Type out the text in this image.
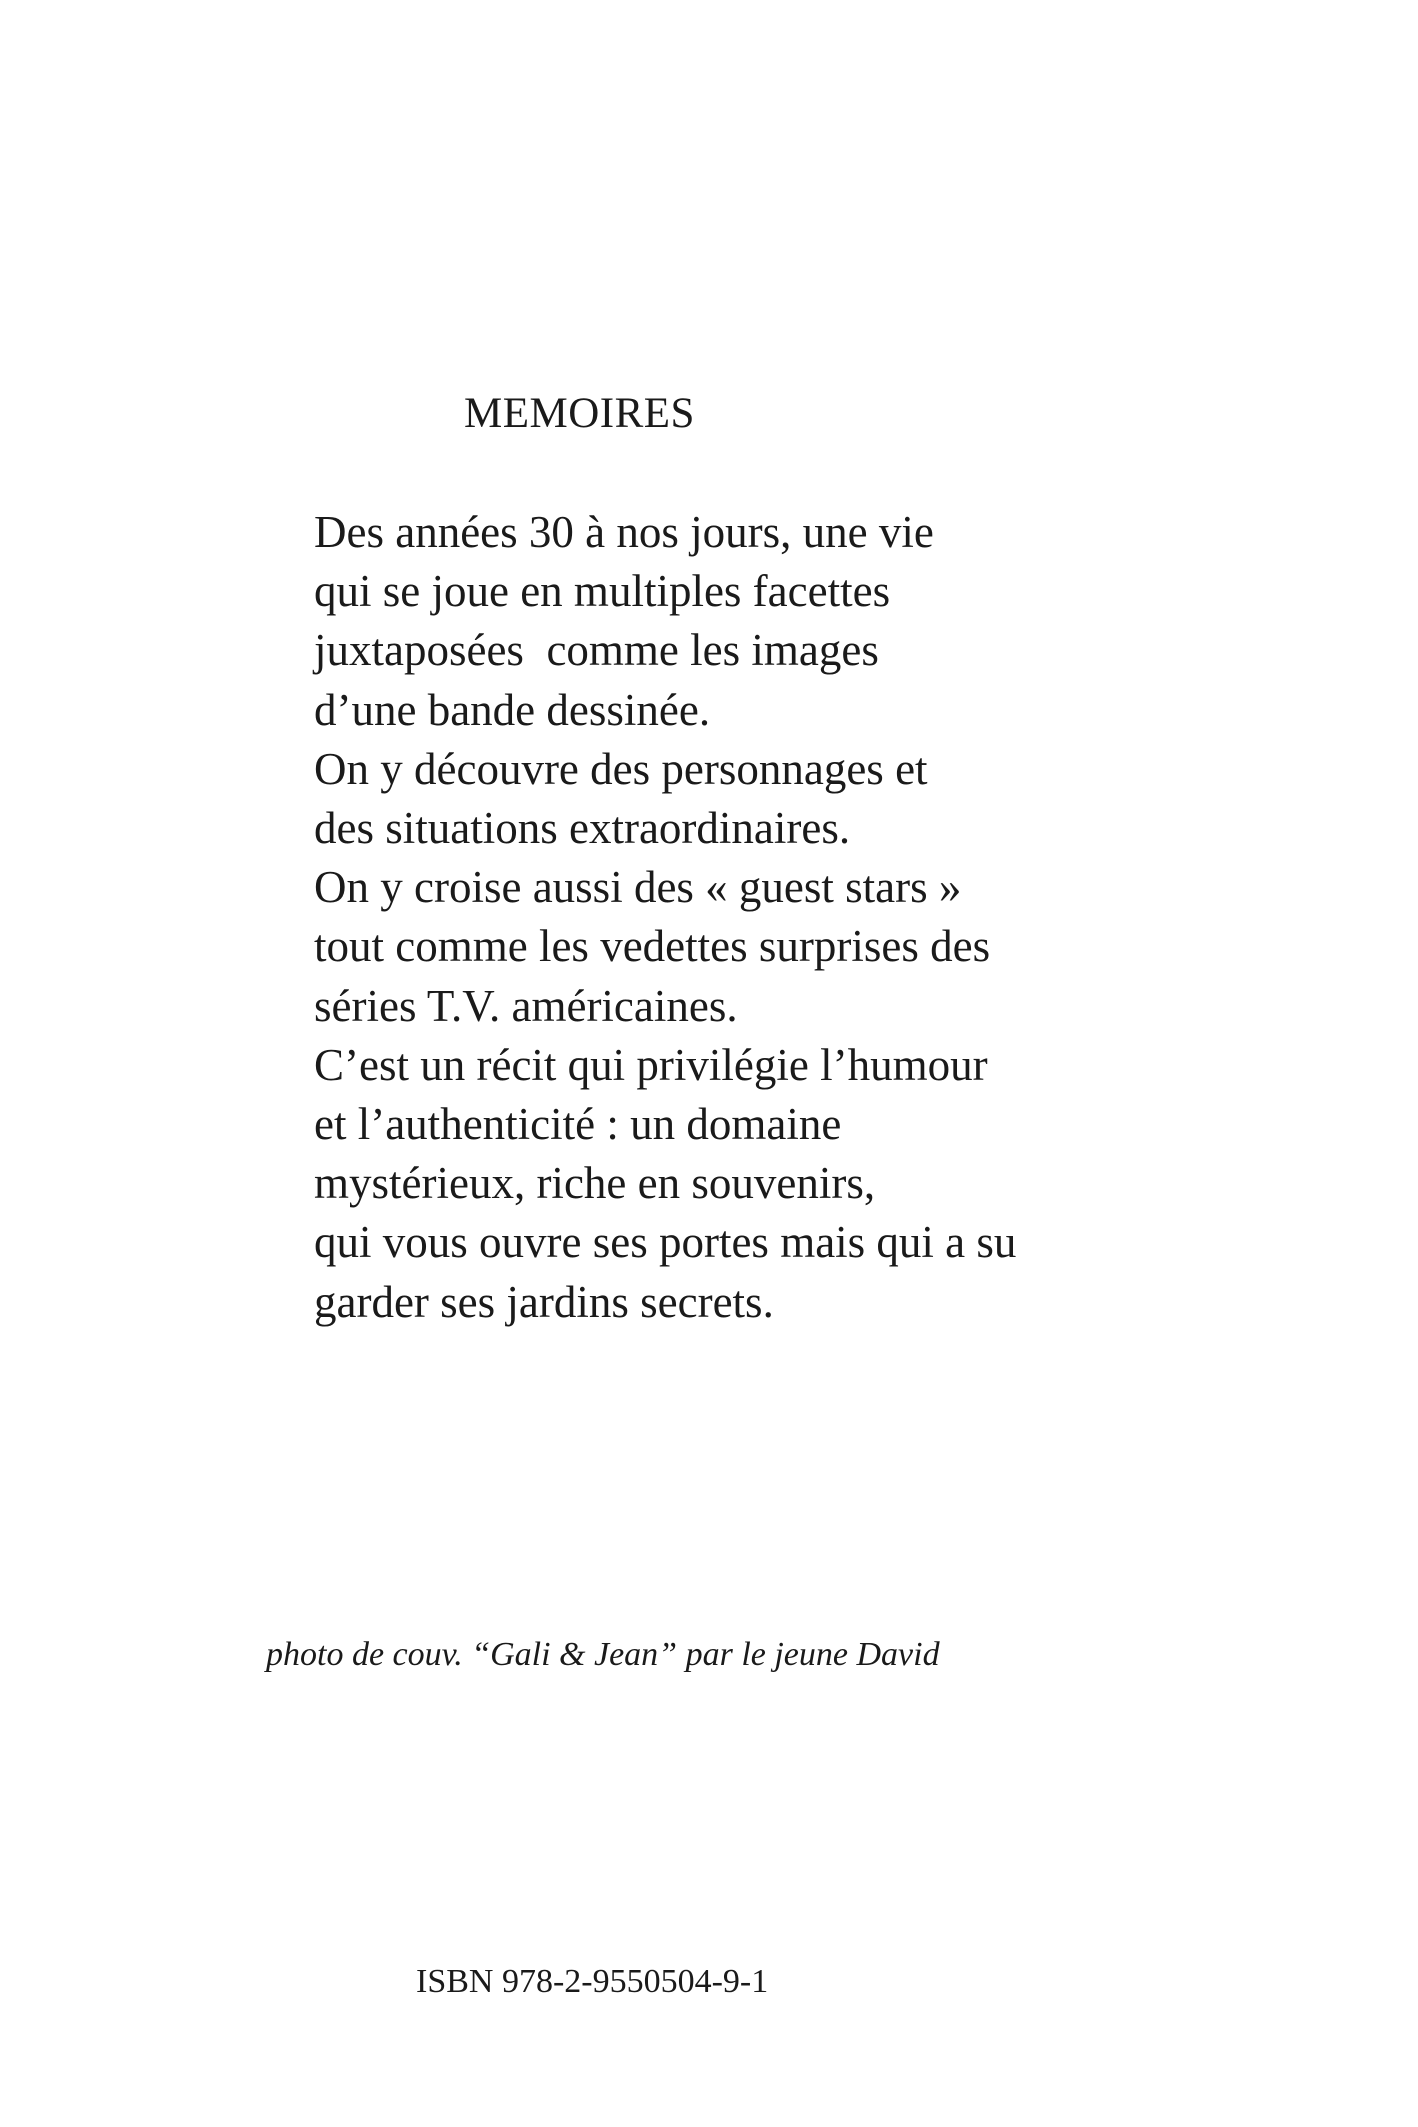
MEMOIRES
Des années 30 à nos jours, une vie
qui se joue en multiples facettes
juxtaposées  comme les images
d’une bande dessinée.
On y découvre des personnages et
des situations extraordinaires.
On y croise aussi des « guest stars »
tout comme les vedettes surprises des
séries T.V. américaines.
C’est un récit qui privilégie l’humour
et l’authenticité : un domaine
mystérieux, riche en souvenirs,
qui vous ouvre ses portes mais qui a su
garder ses jardins secrets.
photo de couv. “Gali & Jean” par le jeune David
ISBN 978-2-9550504-9-1
